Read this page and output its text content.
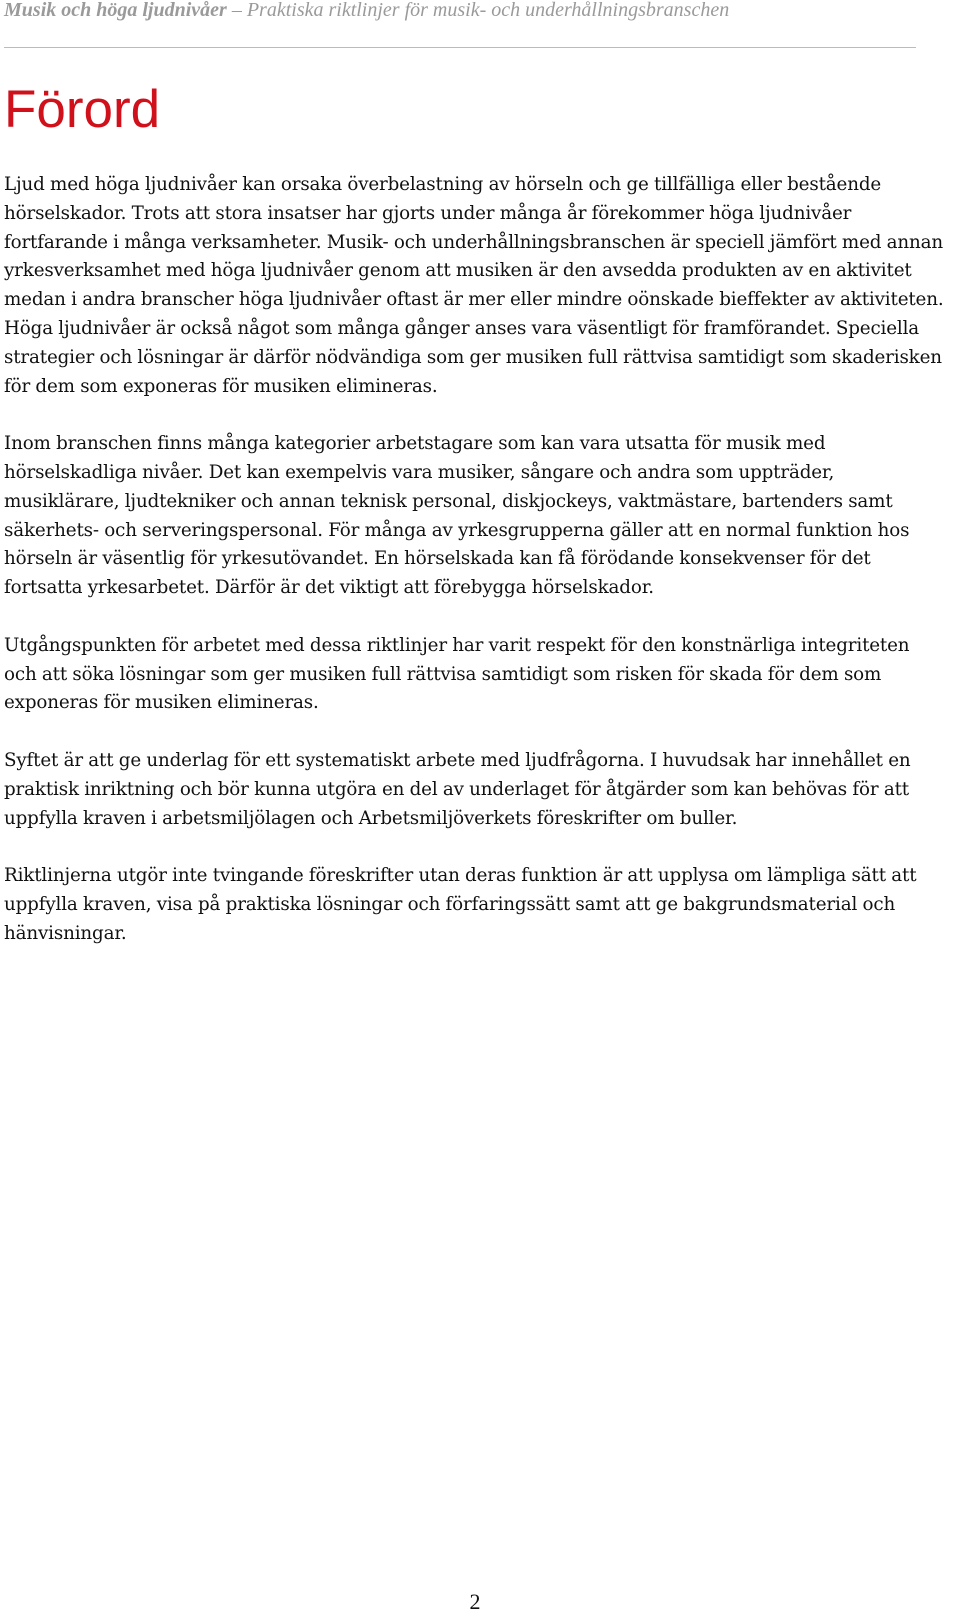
Musik och höga ljudnivåer – Praktiska riktlinjer för musik- och underhållningsbranschen
Förord

Ljud med höga ljudnivåer kan orsaka överbelastning av hörseln och ge tillfälliga eller bestående hörselskador. Trots att stora insatser har gjorts under många år förekommer höga ljudnivåer fortfarande i många verksamheter. Musik- och underhållningsbranschen är speciell jämfört med annan yrkesverksamhet med höga ljudnivåer genom att musiken är den avsedda produkten av en aktivitet medan i andra branscher höga ljudnivåer oftast är mer eller mindre oönskade bieffekter av aktiviteten. Höga ljudnivåer är också något som många gånger anses vara väsentligt för framförandet. Speciella strategier och lösningar är därför nödvändiga som ger musiken full rättvisa samtidigt som skaderisken för dem som exponeras för musiken elimineras.

Inom branschen finns många kategorier arbetstagare som kan vara utsatta för musik med hörselskadliga nivåer. Det kan exempelvis vara musiker, sångare och andra som uppträder, musiklärare, ljudtekniker och annan teknisk personal, diskjockeys, vaktmästare, bartenders samt säkerhets- och serveringspersonal. För många av yrkesgrupperna gäller att en normal funktion hos hörseln är väsentlig för yrkesutövandet. En hörselskada kan få förödande konsekvenser för det fortsatta yrkesarbetet. Därför är det viktigt att förebygga hörselskador.

Utgångspunkten för arbetet med dessa riktlinjer har varit respekt för den konstnärliga integriteten och att söka lösningar som ger musiken full rättvisa samtidigt som risken för skada för dem som exponeras för musiken elimineras.

Syftet är att ge underlag för ett systematiskt arbete med ljudfrågorna. I huvudsak har innehållet en praktisk inriktning och bör kunna utgöra en del av underlaget för åtgärder som kan behövas för att uppfylla kraven i arbetsmiljölagen och Arbetsmiljöverkets föreskrifter om buller.

Riktlinjerna utgör inte tvingande föreskrifter utan deras funktion är att upplysa om lämpliga sätt att uppfylla kraven, visa på praktiska lösningar och förfaringssätt samt att ge bakgrundsmaterial och hänvisningar.

2
